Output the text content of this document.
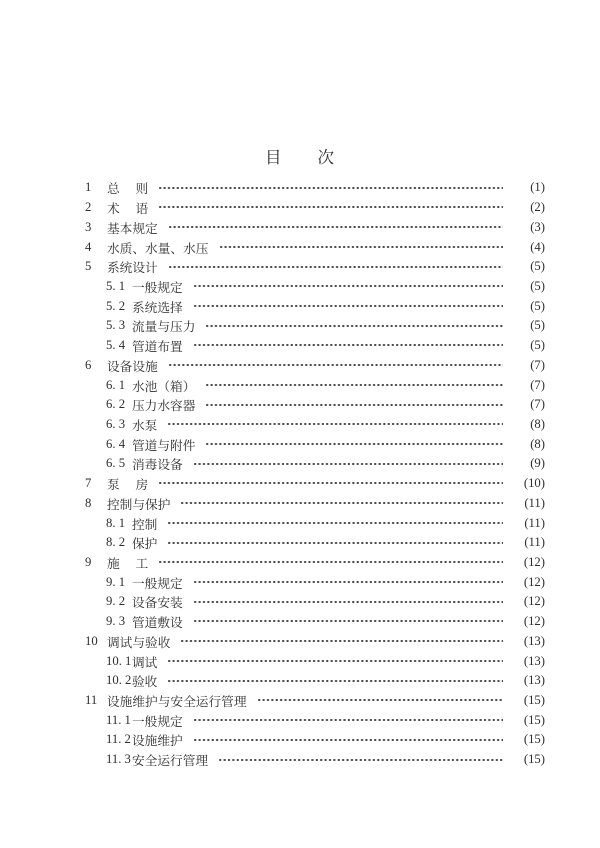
目　　次
1	总　 则	(1)
2	术　 语	(2)
3	基本规定	(3)
4	水质、水量、水压	(4)
5	系统设计	(5)
5. 1 一般规定	(5)
5. 2 系统选择	(5)
5. 3 流量与压力	(5)
5. 4 管道布置	(5)
6	设备设施	(7)
6. 1 水池（箱）	(7)
6. 2 压力水容器	(7)
6. 3 水泵	(8)
6. 4 管道与附件	(8)
6. 5 消毒设备	(9)
7	泵　 房	(10)
8	控制与保护	(11)
8. 1 控制	(11)
8. 2 保护	(11)
9	施　 工	(12)
9. 1 一般规定	(12)
9. 2 设备安装	(12)
9. 3 管道敷设	(12)
10 调试与验收	(13)
10. 1 调试	(13)
10. 2 验收	(13)
11 设施维护与安全运行管理	(15)
11. 1 一般规定	(15)
11. 2 设施维护	(15)
11. 3 安全运行管理	(15)
